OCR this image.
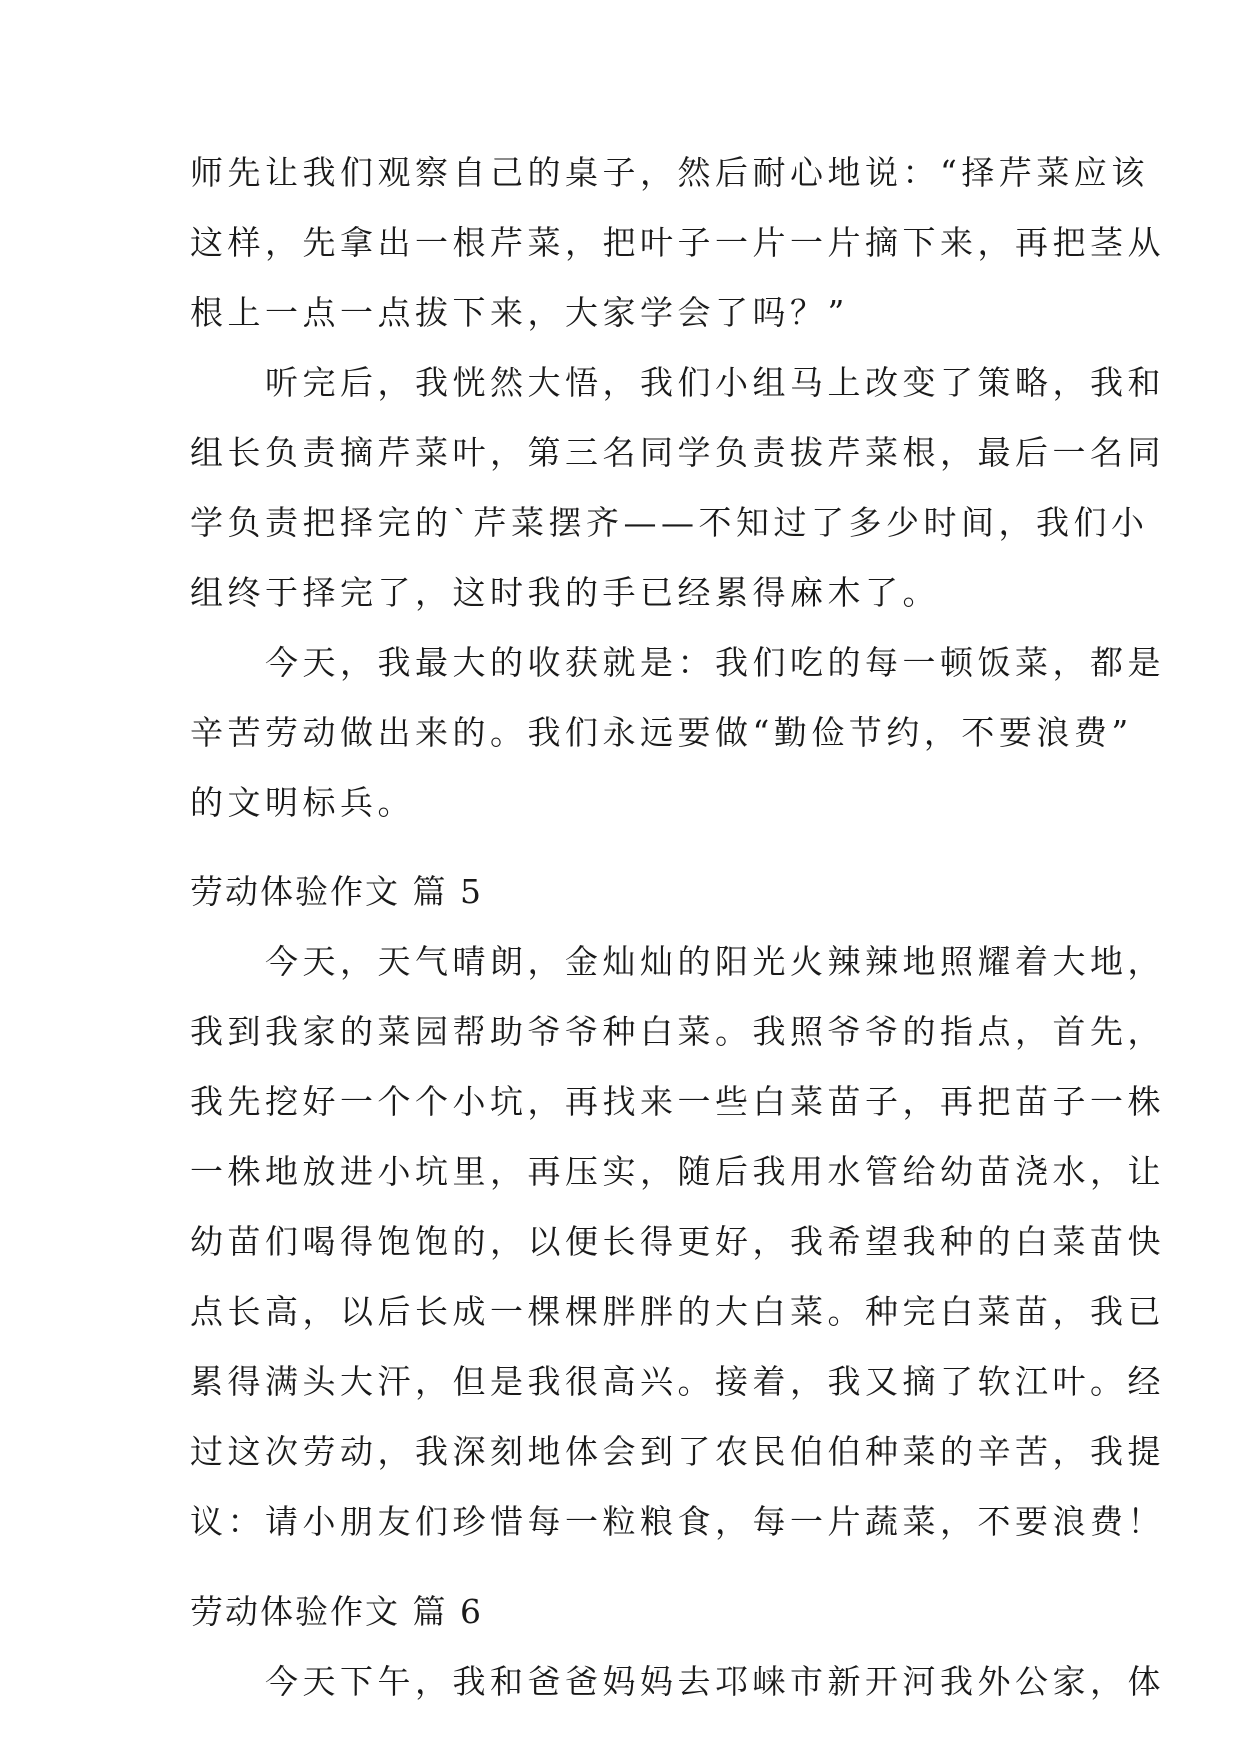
师先让我们观察自己的桌子，然后耐心地说：“择芹菜应该
这样，先拿出一根芹菜，把叶子一片一片摘下来，再把茎从
根上一点一点拔下来，大家学会了吗？”
　　听完后，我恍然大悟，我们小组马上改变了策略，我和
组长负责摘芹菜叶，第三名同学负责拔芹菜根，最后一名同
学负责把择完的`芹菜摆齐——不知过了多少时间，我们小
组终于择完了，这时我的手已经累得麻木了。
　　今天，我最大的收获就是：我们吃的每一顿饭菜，都是
辛苦劳动做出来的。我们永远要做“勤俭节约，不要浪费”
的文明标兵。
劳动体验作文 篇 5
　　今天，天气晴朗，金灿灿的阳光火辣辣地照耀着大地，
我到我家的菜园帮助爷爷种白菜。我照爷爷的指点，首先，
我先挖好一个个小坑，再找来一些白菜苗子，再把苗子一株
一株地放进小坑里，再压实，随后我用水管给幼苗浇水，让
幼苗们喝得饱饱的，以便长得更好，我希望我种的白菜苗快
点长高，以后长成一棵棵胖胖的大白菜。种完白菜苗，我已
累得满头大汗，但是我很高兴。接着，我又摘了软江叶。经
过这次劳动，我深刻地体会到了农民伯伯种菜的辛苦，我提
议：请小朋友们珍惜每一粒粮食，每一片蔬菜，不要浪费！
劳动体验作文 篇 6
　　今天下午，我和爸爸妈妈去邛崃市新开河我外公家，体
